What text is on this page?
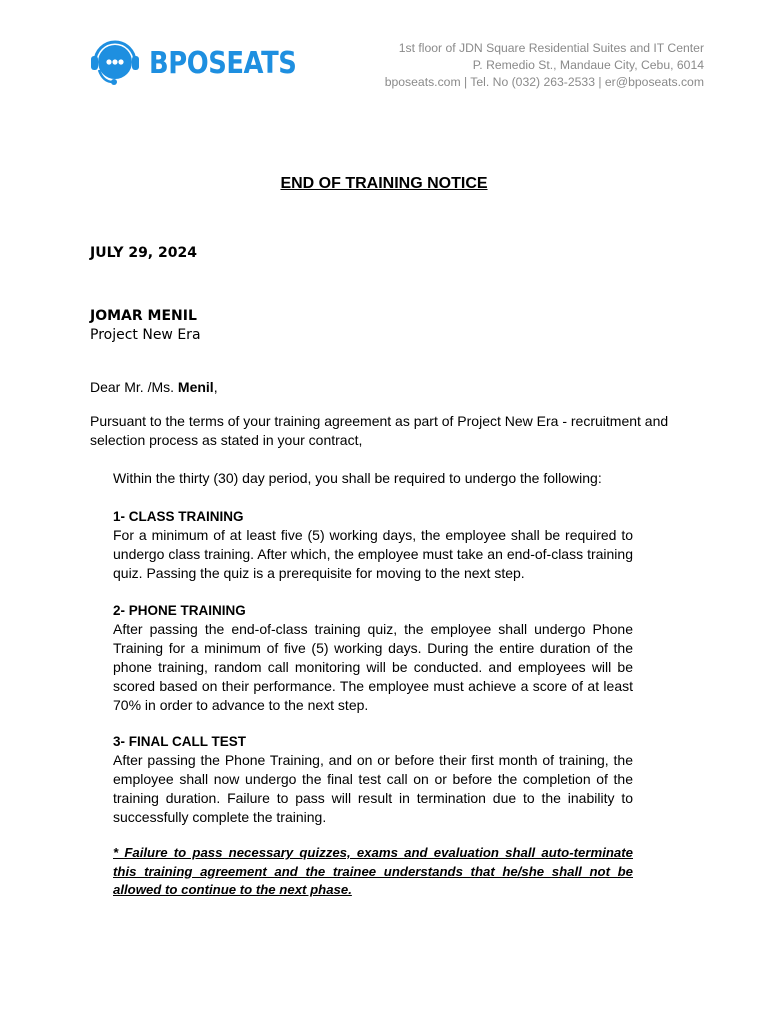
BPOSEATS	1st floor of JDN Square Residential Suites and IT Center
P. Remedio St., Mandaue City, Cebu, 6014
bposeats.com | Tel. No (032) 263-2533 | er@bposeats.com
END OF TRAINING NOTICE
JULY 29, 2024
JOMAR MENIL
Project New Era
Dear Mr. /Ms. Menil,
Pursuant to the terms of your training agreement as part of Project New Era - recruitment and selection process as stated in your contract,
Within the thirty (30) day period, you shall be required to undergo the following:
1- CLASS TRAINING
For a minimum of at least five (5) working days, the employee shall be required to undergo class training. After which, the employee must take an end-of-class training quiz. Passing the quiz is a prerequisite for moving to the next step.
2- PHONE TRAINING
After passing the end-of-class training quiz, the employee shall undergo Phone Training for a minimum of five (5) working days. During the entire duration of the phone training, random call monitoring will be conducted. and employees will be scored based on their performance. The employee must achieve a score of at least 70% in order to advance to the next step.
3- FINAL CALL TEST
After passing the Phone Training, and on or before their first month of training, the employee shall now undergo the final test call on or before the completion of the training duration. Failure to pass will result in termination due to the inability to successfully complete the training.
* Failure to pass necessary quizzes, exams and evaluation shall auto-terminate this training agreement and the trainee understands that he/she shall not be allowed to continue to the next phase.
